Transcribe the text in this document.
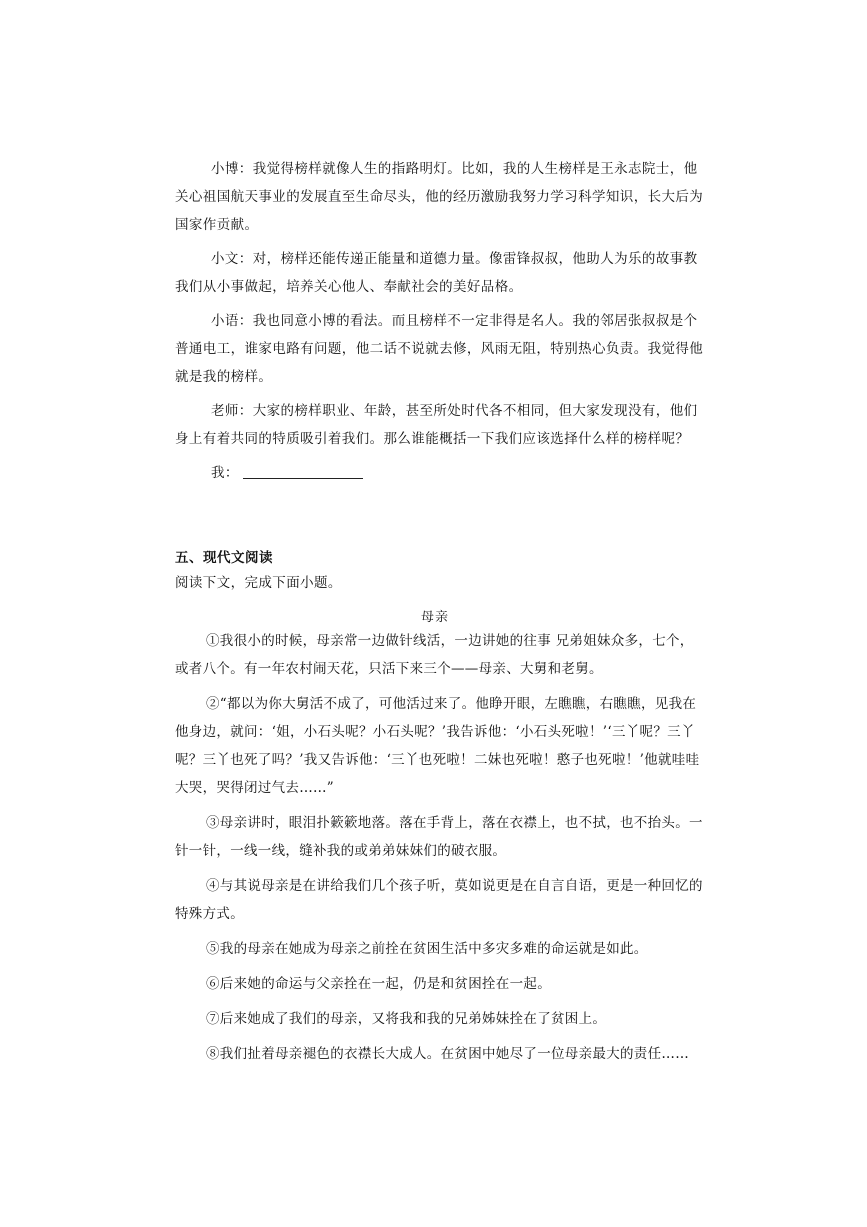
小博：我觉得榜样就像人生的指路明灯。比如，我的人生榜样是王永志院士，他关心祖国航天事业的发展直至生命尽头，他的经历激励我努力学习科学知识，长大后为国家作贡献。

小文：对，榜样还能传递正能量和道德力量。像雷锋叔叔，他助人为乐的故事教我们从小事做起，培养关心他人、奉献社会的美好品格。

小语：我也同意小博的看法。而且榜样不一定非得是名人。我的邻居张叔叔是个普通电工，谁家电路有问题，他二话不说就去修，风雨无阻，特别热心负责。我觉得他就是我的榜样。

老师：大家的榜样职业、年龄，甚至所处时代各不相同，但大家发现没有，他们身上有着共同的特质吸引着我们。那么谁能概括一下我们应该选择什么样的榜样呢？

我：

五、现代文阅读
阅读下文，完成下面小题。
母亲

①我很小的时候，母亲常一边做针线活，一边讲她的往事 兄弟姐妹众多，七个，或者八个。有一年农村闹天花，只活下来三个——母亲、大舅和老舅。

②“都以为你大舅活不成了，可他活过来了。他睁开眼，左瞧瞧，右瞧瞧，见我在他身边，就问：‘姐，小石头呢？小石头呢？’我告诉他：‘小石头死啦！’‘三丫呢？三丫呢？三丫也死了吗？’我又告诉他：‘三丫也死啦！二妹也死啦！憨子也死啦！’他就哇哇大哭，哭得闭过气去……”

③母亲讲时，眼泪扑簌簌地落。落在手背上，落在衣襟上，也不拭，也不抬头。一针一针，一线一线，缝补我的或弟弟妹妹们的破衣服。

④与其说母亲是在讲给我们几个孩子听，莫如说更是在自言自语，更是一种回忆的特殊方式。

⑤我的母亲在她成为母亲之前拴在贫困生活中多灾多难的命运就是如此。

⑥后来她的命运与父亲拴在一起，仍是和贫困拴在一起。

⑦后来她成了我们的母亲，又将我和我的兄弟姊妹拴在了贫困上。

⑧我们扯着母亲褪色的衣襟长大成人。在贫困中她尽了一位母亲最大的责任……
